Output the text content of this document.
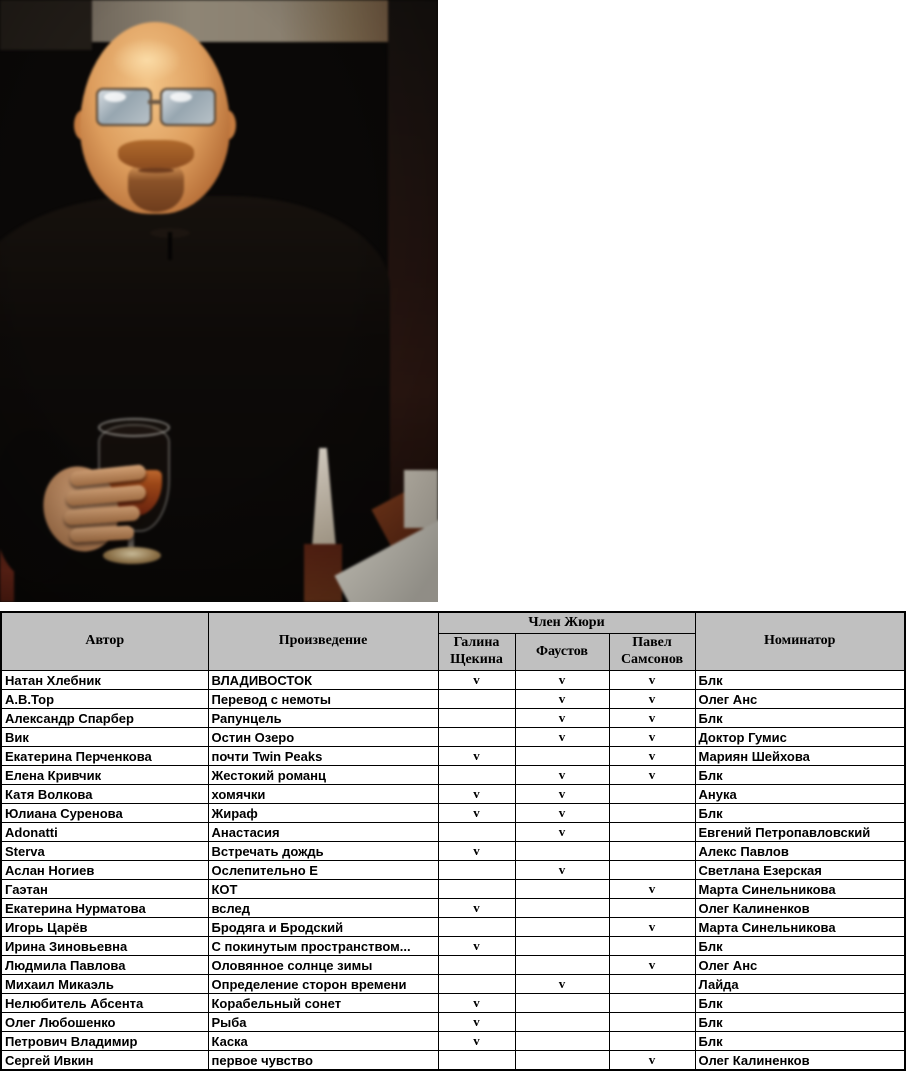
Автор	Произведение	Член Жюри			Номинатор
		Галина Щекина	Фаустов	Павел Самсонов	
Натан Хлебник	ВЛАДИВОСТОК	v	v	v	Блк
А.В.Тор	Перевод с немоты		v	v	Олег Анс
Александр Спарбер	Рапунцель		v	v	Блк
Вик	Остин Озеро		v	v	Доктор Гумис
Екатерина Перченкова	почти Twin Peaks	v		v	Мариян Шейхова
Елена Кривчик	Жестокий романц		v	v	Блк
Катя Волкова	хомячки	v	v		Анука
Юлиана Суренова	Жираф	v	v		Блк
Adonatti	Анастасия		v		Евгений Петропавловский
Sterva	Встречать дождь	v			Алекс Павлов
Аслан Ногиев	Ослепительно Е		v		Светлана Езерская
Гаэтан	КОТ			v	Марта Синельникова
Екатерина Нурматова	вслед	v			Олег Калиненков
Игорь Царёв	Бродяга и Бродский			v	Марта Синельникова
Ирина Зиновьевна	С покинутым пространством...	v			Блк
Людмила Павлова	Оловянное солнце зимы			v	Олег Анс
Михаил Микаэль	Определение сторон времени		v		Лайда
Нелюбитель Абсента	Корабельный сонет	v			Блк
Олег Любошенко	Рыба	v			Блк
Петрович Владимир	Каска	v			Блк
Сергей Ивкин	первое чувство			v	Олег Калиненков
